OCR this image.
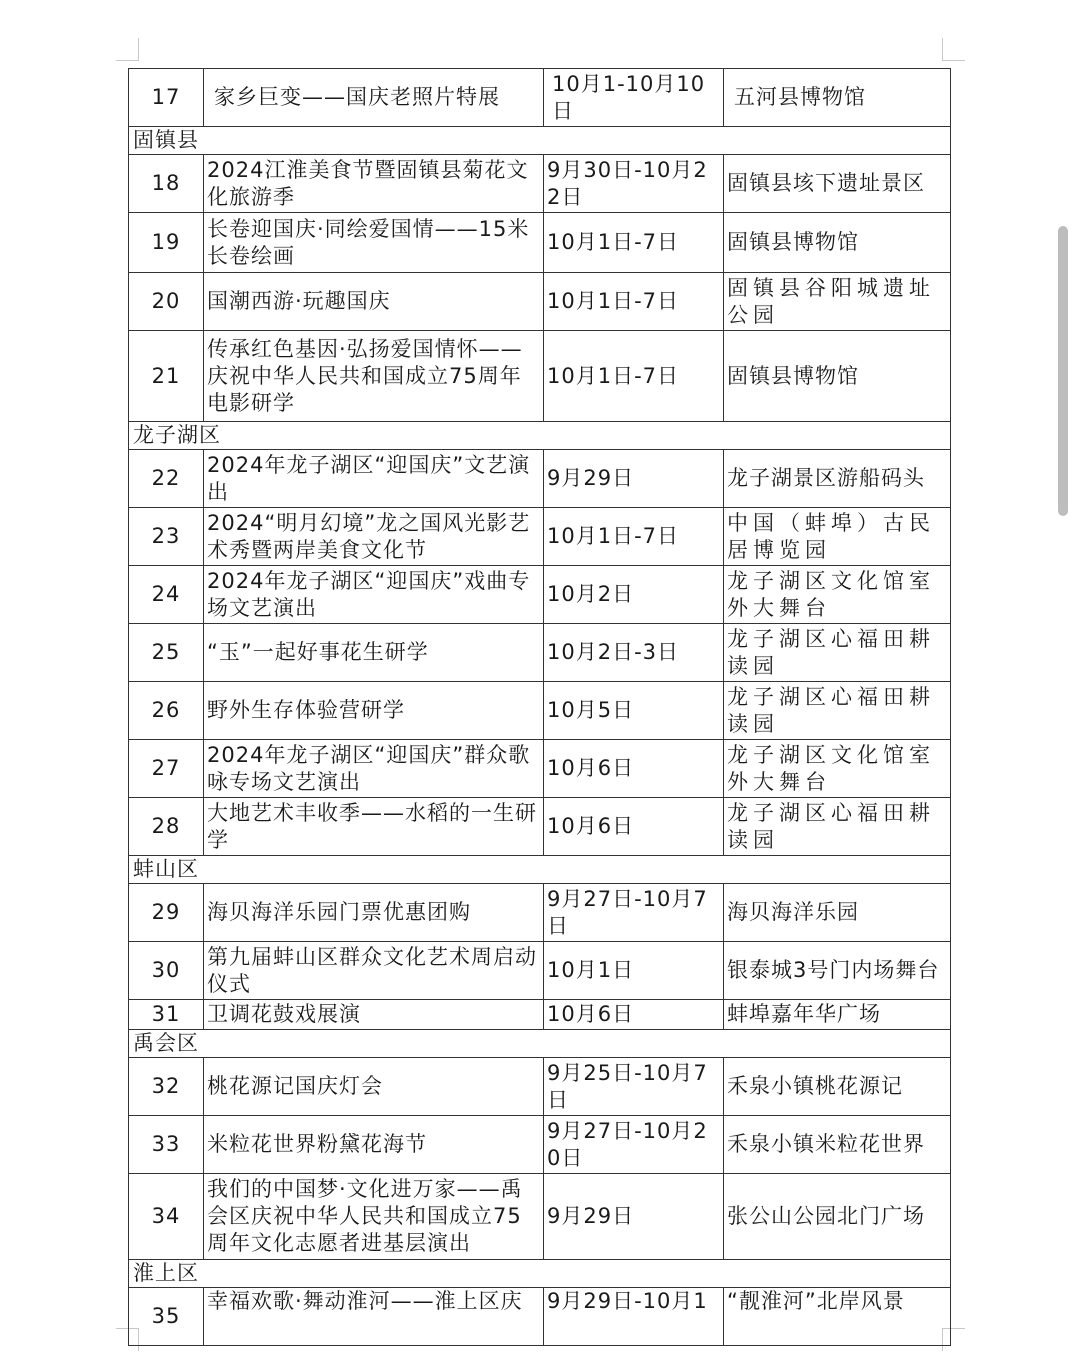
17	家乡巨变——国庆老照片特展	10月1-10月10日	五河县博物馆
固镇县			
18	2024江淮美食节暨固镇县菊花文化旅游季	9月30日-10月22日	固镇县垓下遗址景区
19	长卷迎国庆·同绘爱国情——15米长卷绘画	10月1日-7日	固镇县博物馆
20	国潮西游·玩趣国庆	10月1日-7日	固镇县谷阳城遗址公园
21	传承红色基因·弘扬爱国情怀——庆祝中华人民共和国成立75周年电影研学	10月1日-7日	固镇县博物馆
龙子湖区			
22	2024年龙子湖区“迎国庆”文艺演出	9月29日	龙子湖景区游船码头
23	2024“明月幻境”龙之国风光影艺术秀暨两岸美食文化节	10月1日-7日	中国（蚌埠）古民居博览园
24	2024年龙子湖区“迎国庆”戏曲专场文艺演出	10月2日	龙子湖区文化馆室外大舞台
25	“玉”一起好事花生研学	10月2日-3日	龙子湖区心福田耕读园
26	野外生存体验营研学	10月5日	龙子湖区心福田耕读园
27	2024年龙子湖区“迎国庆”群众歌咏专场文艺演出	10月6日	龙子湖区文化馆室外大舞台
28	大地艺术丰收季——水稻的一生研学	10月6日	龙子湖区心福田耕读园
蚌山区			
29	海贝海洋乐园门票优惠团购	9月27日-10月7日	海贝海洋乐园
30	第九届蚌山区群众文化艺术周启动仪式	10月1日	银泰城3号门内场舞台
31	卫调花鼓戏展演	10月6日	蚌埠嘉年华广场
禹会区			
32	桃花源记国庆灯会	9月25日-10月7日	禾泉小镇桃花源记
33	米粒花世界粉黛花海节	9月27日-10月20日	禾泉小镇米粒花世界
34	我们的中国梦·文化进万家——禹会区庆祝中华人民共和国成立75周年文化志愿者进基层演出	9月29日	张公山公园北门广场
淮上区			
35	幸福欢歌·舞动淮河——淮上区庆	9月29日-10月1	“靓淮河”北岸风景
